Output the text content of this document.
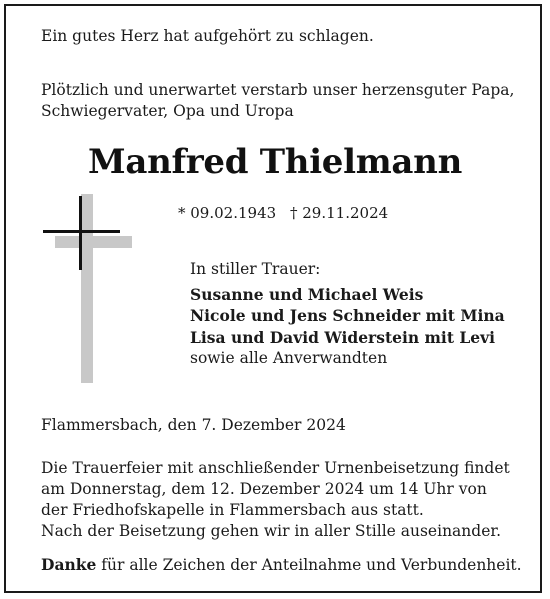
Ein gutes Herz hat aufgehört zu schlagen.
Plötzlich und unerwartet verstarb unser herzensguter Papa,
Schwiegervater, Opa und Uropa
Manfred Thielmann
* 09.02.1943 † 29.11.2024
In stiller Trauer:
Susanne und Michael Weis
Nicole und Jens Schneider mit Mina
Lisa und David Widerstein mit Levi
sowie alle Anverwandten
Flammersbach, den 7. Dezember 2024
Die Trauerfeier mit anschließender Urnenbeisetzung findet
am Donnerstag, dem 12. Dezember 2024 um 14 Uhr von
der Friedhofskapelle in Flammersbach aus statt.
Nach der Beisetzung gehen wir in aller Stille auseinander.
Danke für alle Zeichen der Anteilnahme und Verbundenheit.
